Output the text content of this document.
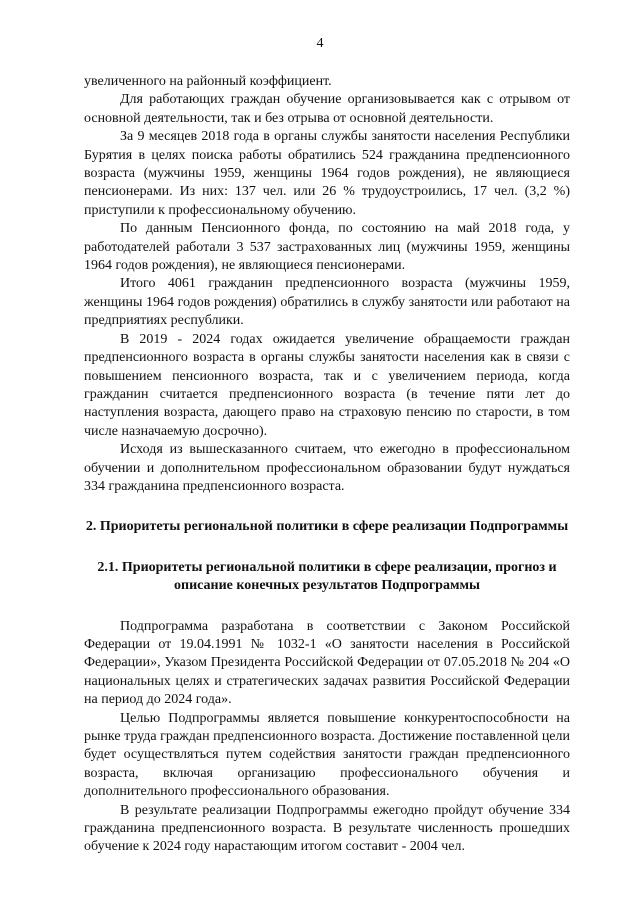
4

увеличенного на районный коэффициент.

Для работающих граждан обучение организовывается как с отрывом от основной деятельности, так и без отрыва от основной деятельности.

За 9 месяцев 2018 года в органы службы занятости населения Республики Бурятия в целях поиска работы обратились 524 гражданина предпенсионного возраста (мужчины 1959, женщины 1964 годов рождения), не являющиеся пенсионерами. Из них: 137 чел. или 26 % трудоустроились, 17 чел. (3,2 %) приступили к профессиональному обучению.

По данным Пенсионного фонда, по состоянию на май 2018 года, у работодателей работали 3 537 застрахованных лиц (мужчины 1959, женщины 1964 годов рождения), не являющиеся пенсионерами.

Итого 4061 гражданин предпенсионного возраста (мужчины 1959, женщины 1964 годов рождения) обратились в службу занятости или работают на предприятиях республики.

В 2019 - 2024 годах ожидается увеличение обращаемости граждан предпенсионного возраста в органы службы занятости населения как в связи с повышением пенсионного возраста, так и с увеличением периода, когда гражданин считается предпенсионного возраста (в течение пяти лет до наступления возраста, дающего право на страховую пенсию по старости, в том числе назначаемую досрочно).

Исходя из вышесказанного считаем, что ежегодно в профессиональном обучении и дополнительном профессиональном образовании будут нуждаться 334 гражданина предпенсионного возраста.

2. Приоритеты региональной политики в сфере реализации Подпрограммы
2.1. Приоритеты региональной политики в сфере реализации, прогноз и описание конечных результатов Подпрограммы

Подпрограмма разработана в соответствии с Законом Российской Федерации от 19.04.1991 № 1032-1 «О занятости населения в Российской Федерации», Указом Президента Российской Федерации от 07.05.2018 № 204 «О национальных целях и стратегических задачах развития Российской Федерации на период до 2024 года».

Целью Подпрограммы является повышение конкурентоспособности на рынке труда граждан предпенсионного возраста. Достижение поставленной цели будет осуществляться путем содействия занятости граждан предпенсионного возраста, включая организацию профессионального обучения и дополнительного профессионального образования.

В результате реализации Подпрограммы ежегодно пройдут обучение 334 гражданина предпенсионного возраста. В результате численность прошедших обучение к 2024 году нарастающим итогом составит - 2004 чел.
